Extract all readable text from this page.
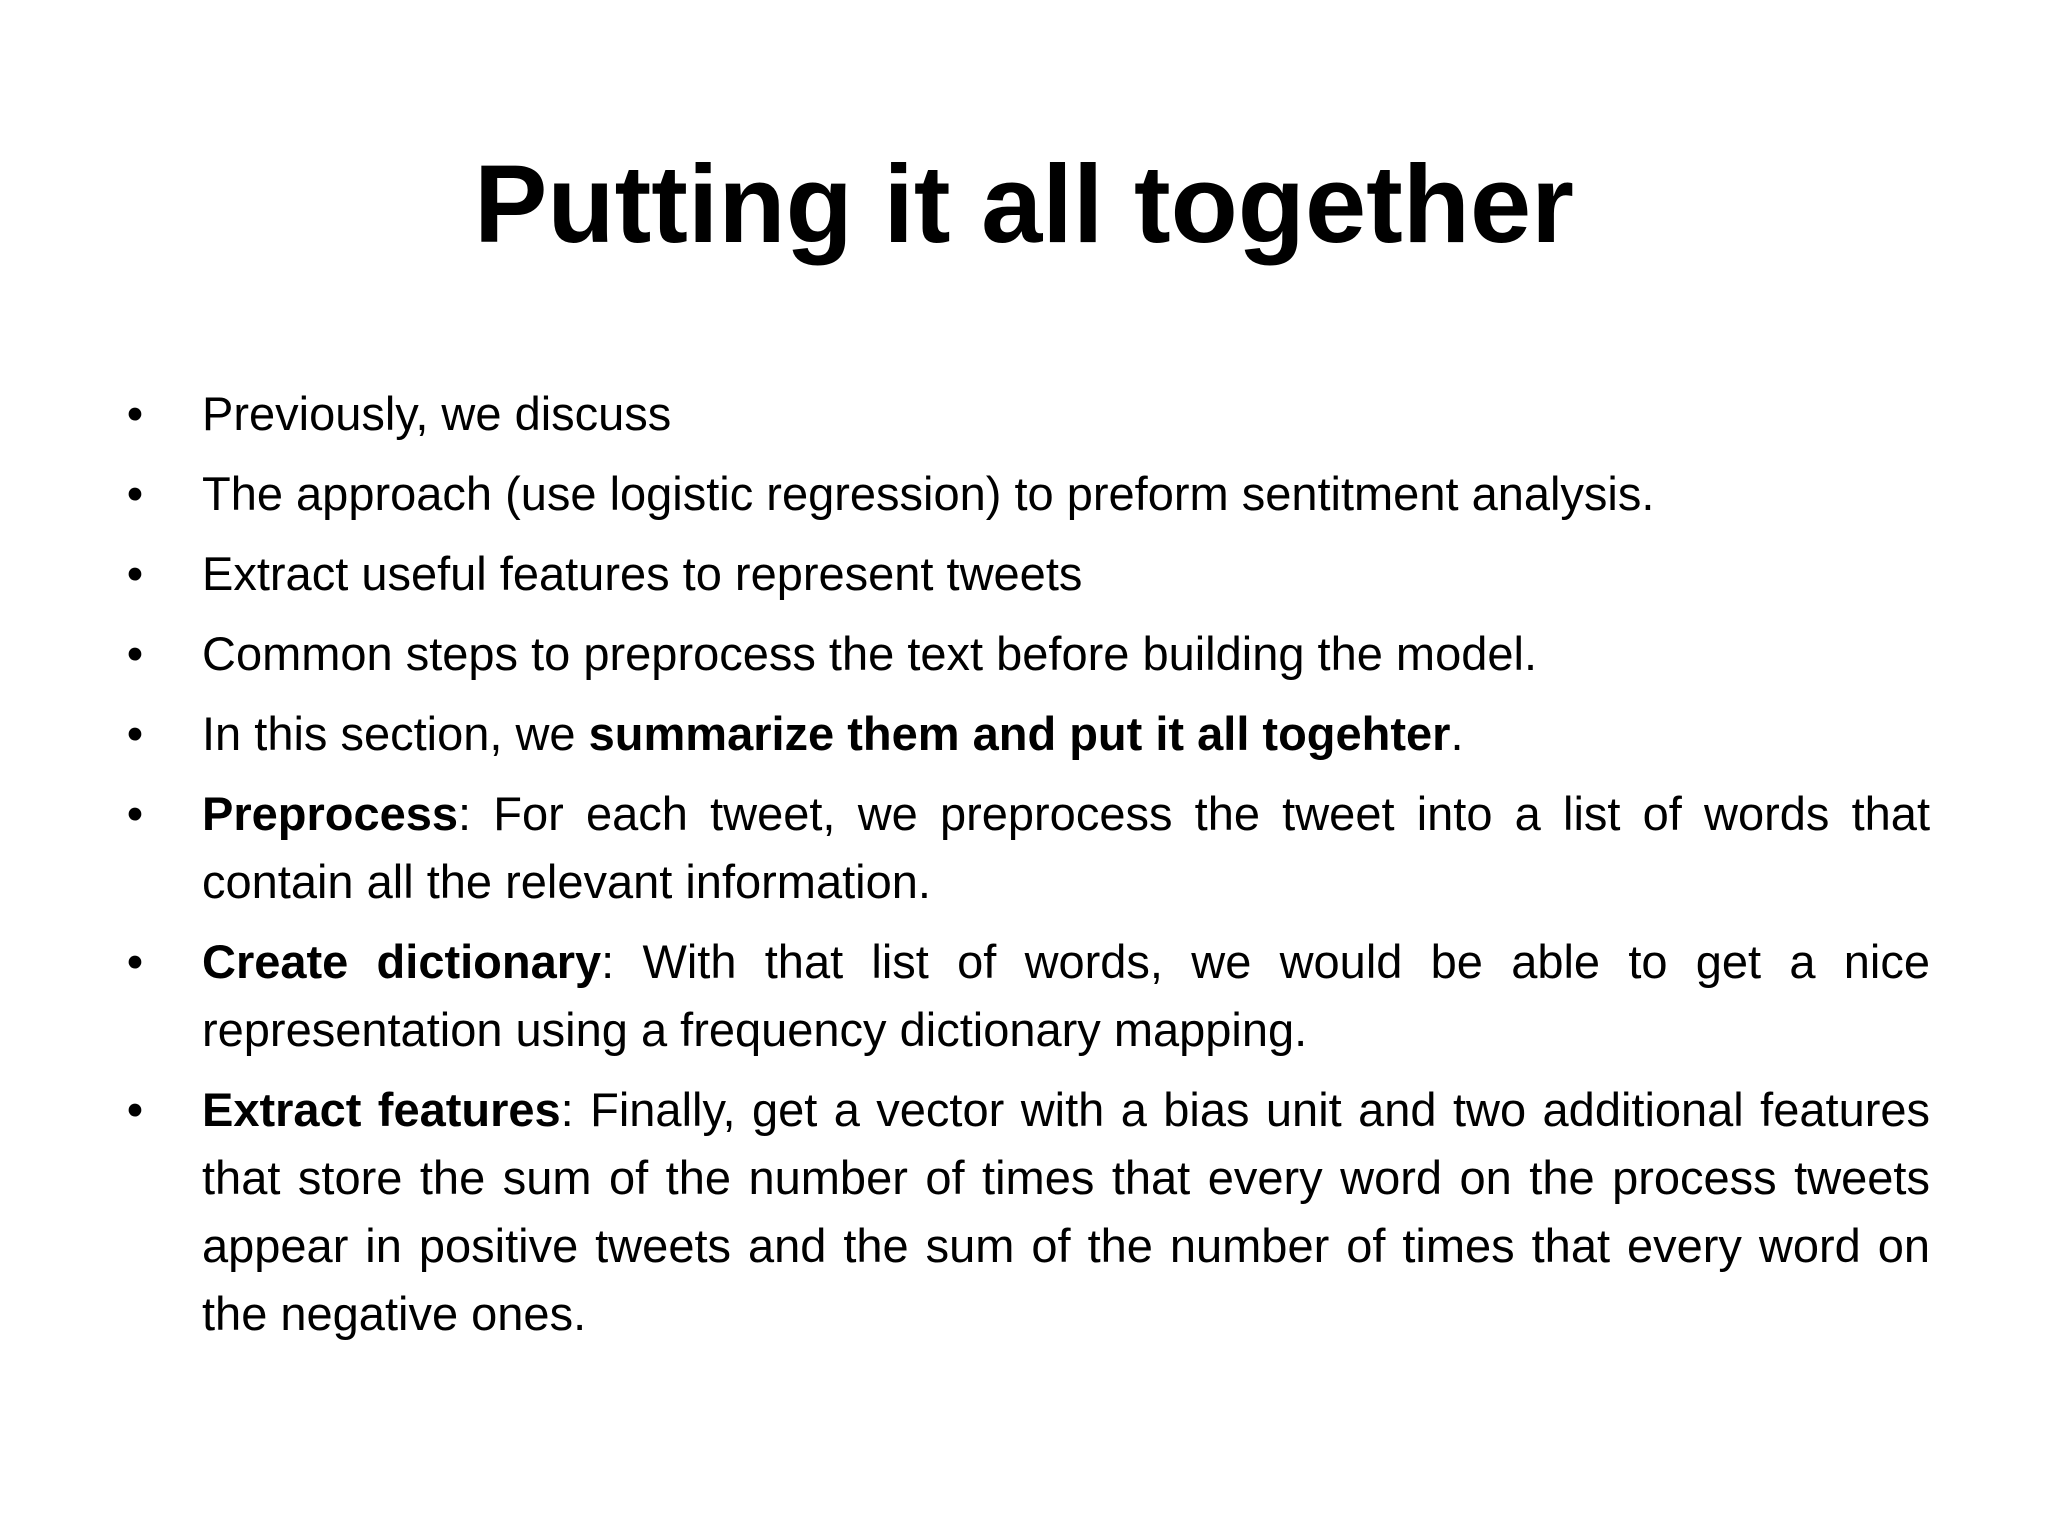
Putting it all together
• Previously, we discuss
• The approach (use logistic regression) to preform sentitment analysis.
• Extract useful features to represent tweets
• Common steps to preprocess the text before building the model.
• In this section, we summarize them and put it all togehter.
• Preprocess: For each tweet, we preprocess the tweet into a list of words that contain all the relevant information.
• Create dictionary: With that list of words, we would be able to get a nice representation using a frequency dictionary mapping.
• Extract features: Finally, get a vector with a bias unit and two additional features that store the sum of the number of times that every word on the process tweets appear in positive tweets and the sum of the number of times that every word on the negative ones.
